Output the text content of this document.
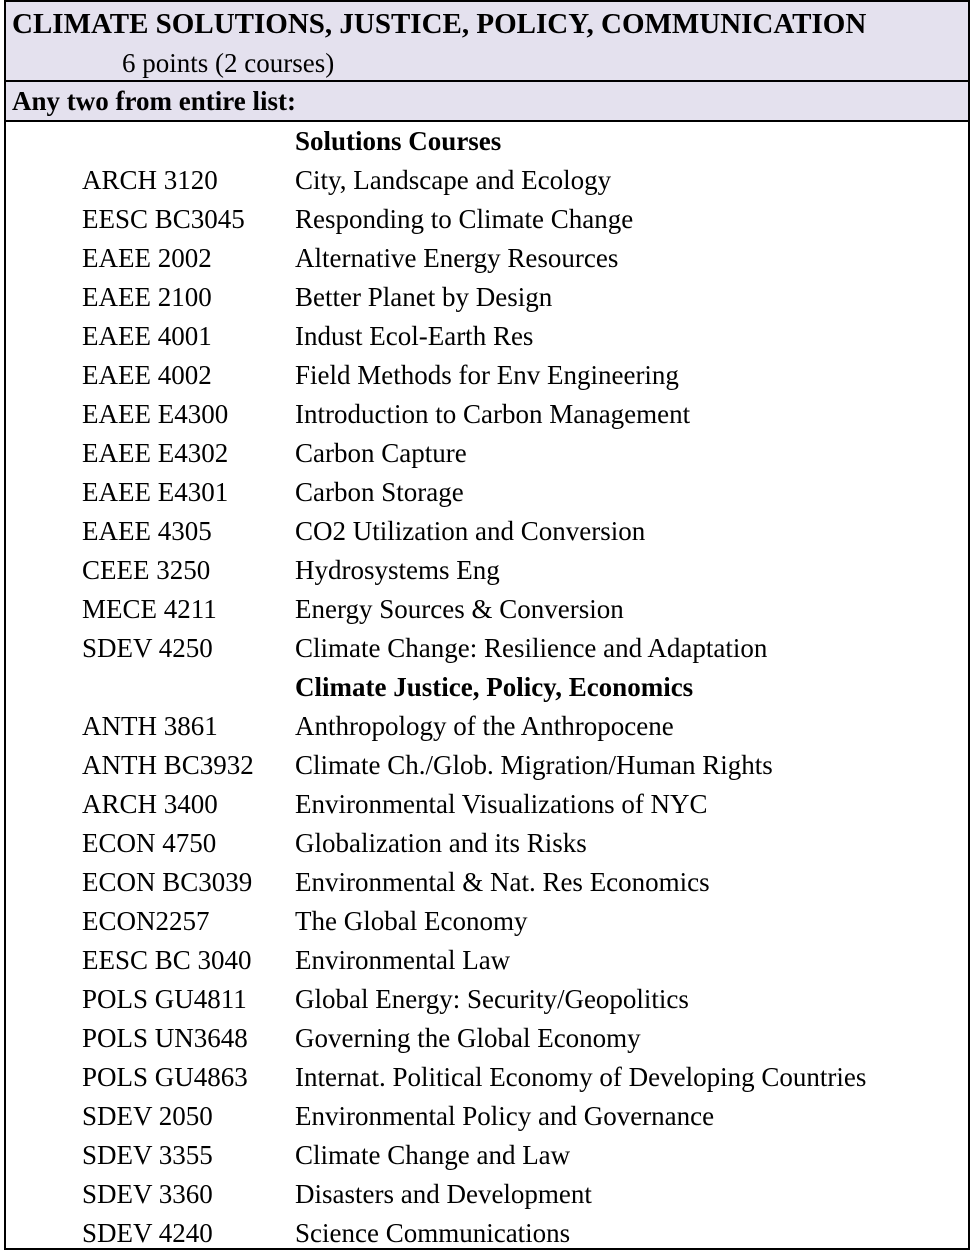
CLIMATE SOLUTIONS, JUSTICE, POLICY, COMMUNICATION
6 points (2 courses)
Any two from entire list:
Solutions Courses
ARCH 3120	City, Landscape and Ecology
EESC BC3045	Responding to Climate Change
EAEE 2002	Alternative Energy Resources
EAEE 2100	Better Planet by Design
EAEE 4001	Indust Ecol-Earth Res
EAEE 4002	Field Methods for Env Engineering
EAEE E4300	Introduction to Carbon Management
EAEE E4302	Carbon Capture
EAEE E4301	Carbon Storage
EAEE 4305	CO2 Utilization and Conversion
CEEE 3250	Hydrosystems Eng
MECE 4211	Energy Sources & Conversion
SDEV 4250	Climate Change: Resilience and Adaptation
Climate Justice, Policy, Economics
ANTH 3861	Anthropology of the Anthropocene
ANTH BC3932	Climate Ch./Glob. Migration/Human Rights
ARCH 3400	Environmental Visualizations of NYC
ECON 4750	Globalization and its Risks
ECON BC3039	Environmental & Nat. Res Economics
ECON2257	The Global Economy
EESC BC 3040	Environmental Law
POLS GU4811	Global Energy: Security/Geopolitics
POLS UN3648	Governing the Global Economy
POLS GU4863	Internat. Political Economy of Developing Countries
SDEV 2050	Environmental Policy and Governance
SDEV 3355	Climate Change and Law
SDEV 3360	Disasters and Development
SDEV 4240	Science Communications
